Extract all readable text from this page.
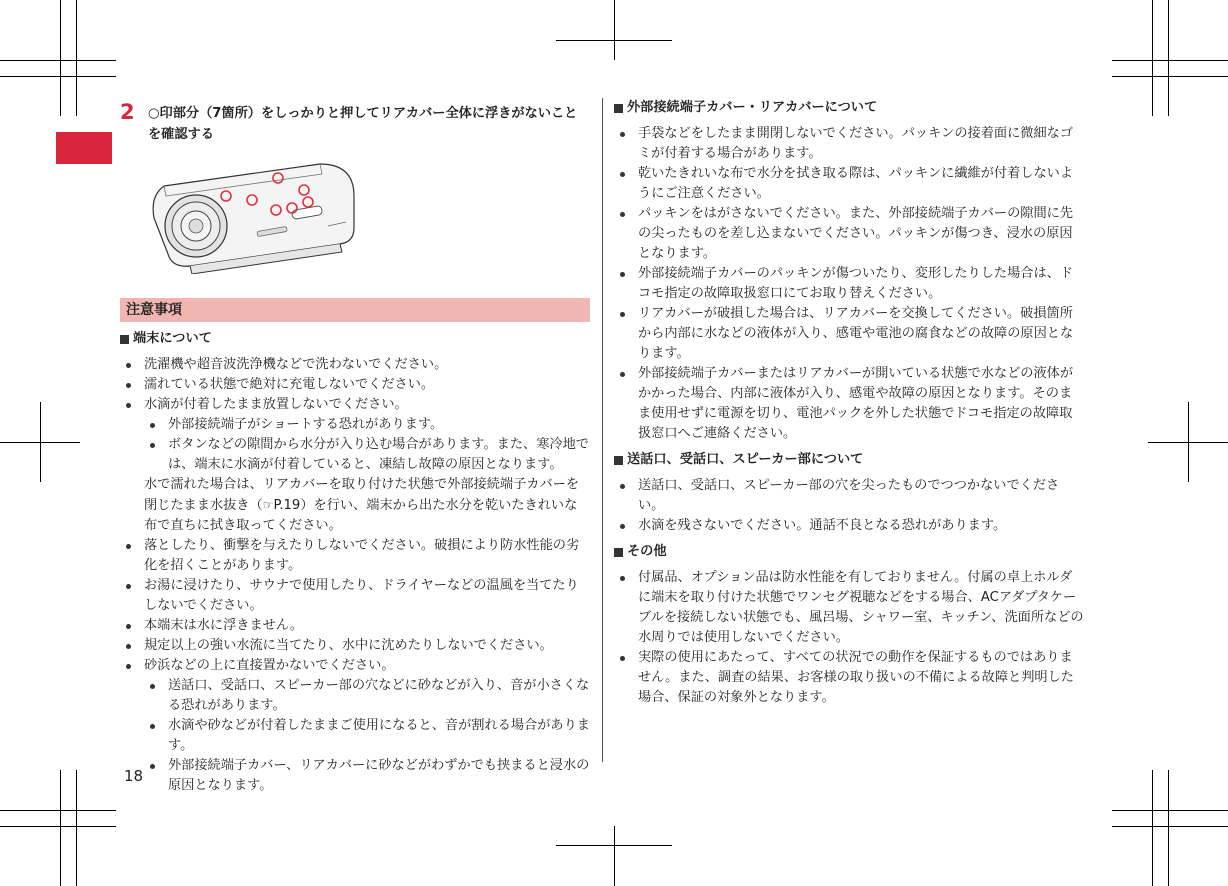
2 ○印部分（7箇所）をしっかりと押してリアカバー全体に浮きがないことを確認する
注意事項
端末について
洗濯機や超音波洗浄機などで洗わないでください。
濡れている状態で絶対に充電しないでください。
水滴が付着したまま放置しないでください。
外部接続端子がショートする恐れがあります。
ボタンなどの隙間から水分が入り込む場合があります。また、寒冷地では、端末に水滴が付着していると、凍結し故障の原因となります。
水で濡れた場合は、リアカバーを取り付けた状態で外部接続端子カバーを閉じたまま水抜き（☞P.19）を行い、端末から出た水分を乾いたきれいな布で直ちに拭き取ってください。
落としたり、衝撃を与えたりしないでください。破損により防水性能の劣化を招くことがあります。
お湯に浸けたり、サウナで使用したり、ドライヤーなどの温風を当てたりしないでください。
本端末は水に浮きません。
規定以上の強い水流に当てたり、水中に沈めたりしないでください。
砂浜などの上に直接置かないでください。
送話口、受話口、スピーカー部の穴などに砂などが入り、音が小さくなる恐れがあります。
水滴や砂などが付着したままご使用になると、音が割れる場合があります。
外部接続端子カバー、リアカバーに砂などがわずかでも挟まると浸水の原因となります。
外部接続端子カバー・リアカバーについて
手袋などをしたまま開閉しないでください。パッキンの接着面に微細なゴミが付着する場合があります。
乾いたきれいな布で水分を拭き取る際は、パッキンに繊維が付着しないようにご注意ください。
パッキンをはがさないでください。また、外部接続端子カバーの隙間に先の尖ったものを差し込まないでください。パッキンが傷つき、浸水の原因となります。
外部接続端子カバーのパッキンが傷ついたり、変形したりした場合は、ドコモ指定の故障取扱窓口にてお取り替えください。
リアカバーが破損した場合は、リアカバーを交換してください。破損箇所から内部に水などの液体が入り、感電や電池の腐食などの故障の原因となります。
外部接続端子カバーまたはリアカバーが開いている状態で水などの液体がかかった場合、内部に液体が入り、感電や故障の原因となります。そのまま使用せずに電源を切り、電池パックを外した状態でドコモ指定の故障取扱窓口へご連絡ください。
送話口、受話口、スピーカー部について
送話口、受話口、スピーカー部の穴を尖ったものでつつかないでください。
水滴を残さないでください。通話不良となる恐れがあります。
その他
付属品、オプション品は防水性能を有しておりません。付属の卓上ホルダに端末を取り付けた状態でワンセグ視聴などをする場合、ACアダプタケーブルを接続しない状態でも、風呂場、シャワー室、キッチン、洗面所などの水周りでは使用しないでください。
実際の使用にあたって、すべての状況での動作を保証するものではありません。また、調査の結果、お客様の取り扱いの不備による故障と判明した場合、保証の対象外となります。
18
